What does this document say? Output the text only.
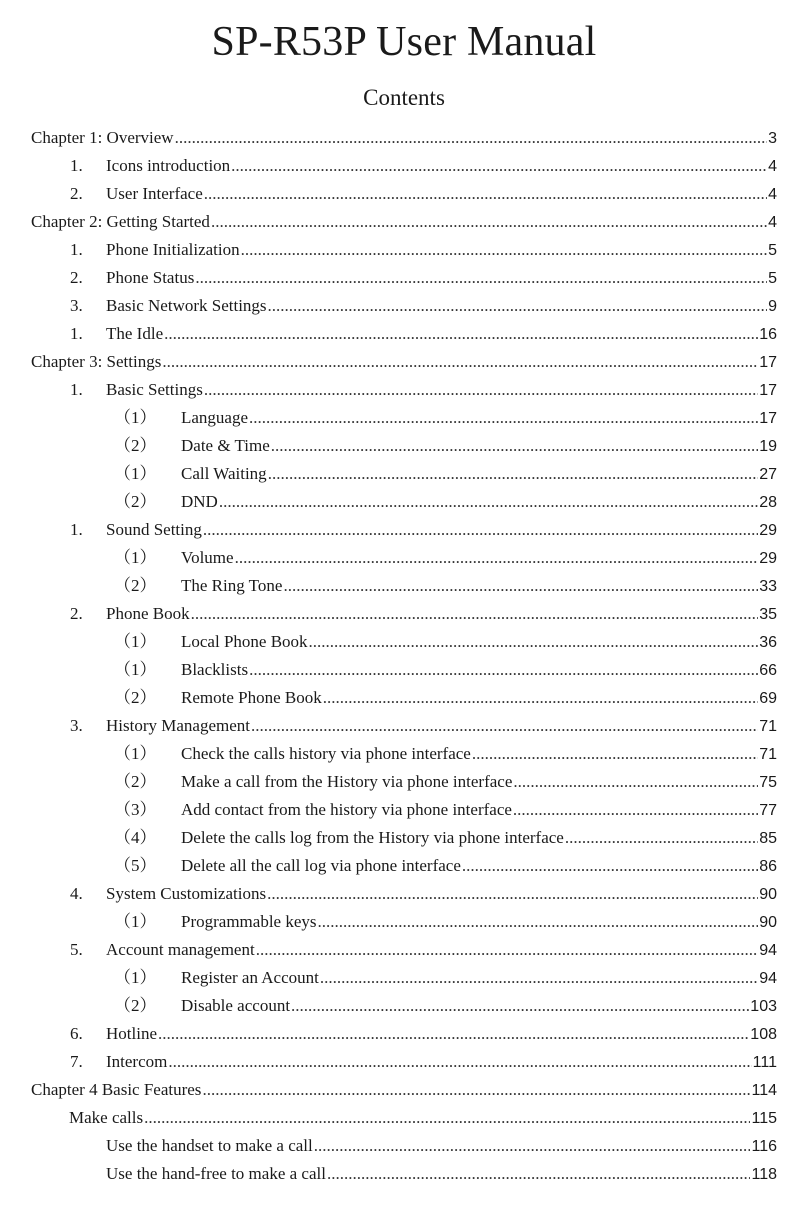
SP-R53P User Manual
Contents
Chapter 1: Overview .....	3
1.	Icons introduction .....	4
2.	User Interface .....	4
Chapter 2: Getting Started .....	4
1.	Phone Initialization .....	5
2.	Phone Status .....	5
3.	Basic Network Settings .....	9
1.	The Idle .....	16
Chapter 3: Settings .....	17
1.	Basic Settings .....	17
（1）	Language .....	17
（2）	Date & Time .....	19
（1）	Call Waiting .....	27
（2）	DND .....	28
1.	Sound Setting .....	29
（1）	Volume .....	29
（2）	The Ring Tone .....	33
2.	Phone Book .....	35
（1）	Local Phone Book .....	36
（1）	Blacklists .....	66
（2）	Remote Phone Book .....	69
3.	History Management .....	71
（1）	Check the calls history via phone interface .....	71
（2）	Make a call from the History via phone interface .....	75
（3）	Add contact from the history via phone interface .....	77
（4）	Delete the calls log from the History via phone interface .....	85
（5）	Delete all the call log via phone interface .....	86
4.	System Customizations .....	90
（1）	Programmable keys .....	90
5.	Account management .....	94
（1）	Register an Account .....	94
（2）	Disable account .....	103
6.	Hotline .....	108
7.	Intercom .....	111
Chapter 4 Basic Features .....	114
Make calls .....	115
Use the handset to make a call .....	116
Use the hand-free to make a call .....	118
